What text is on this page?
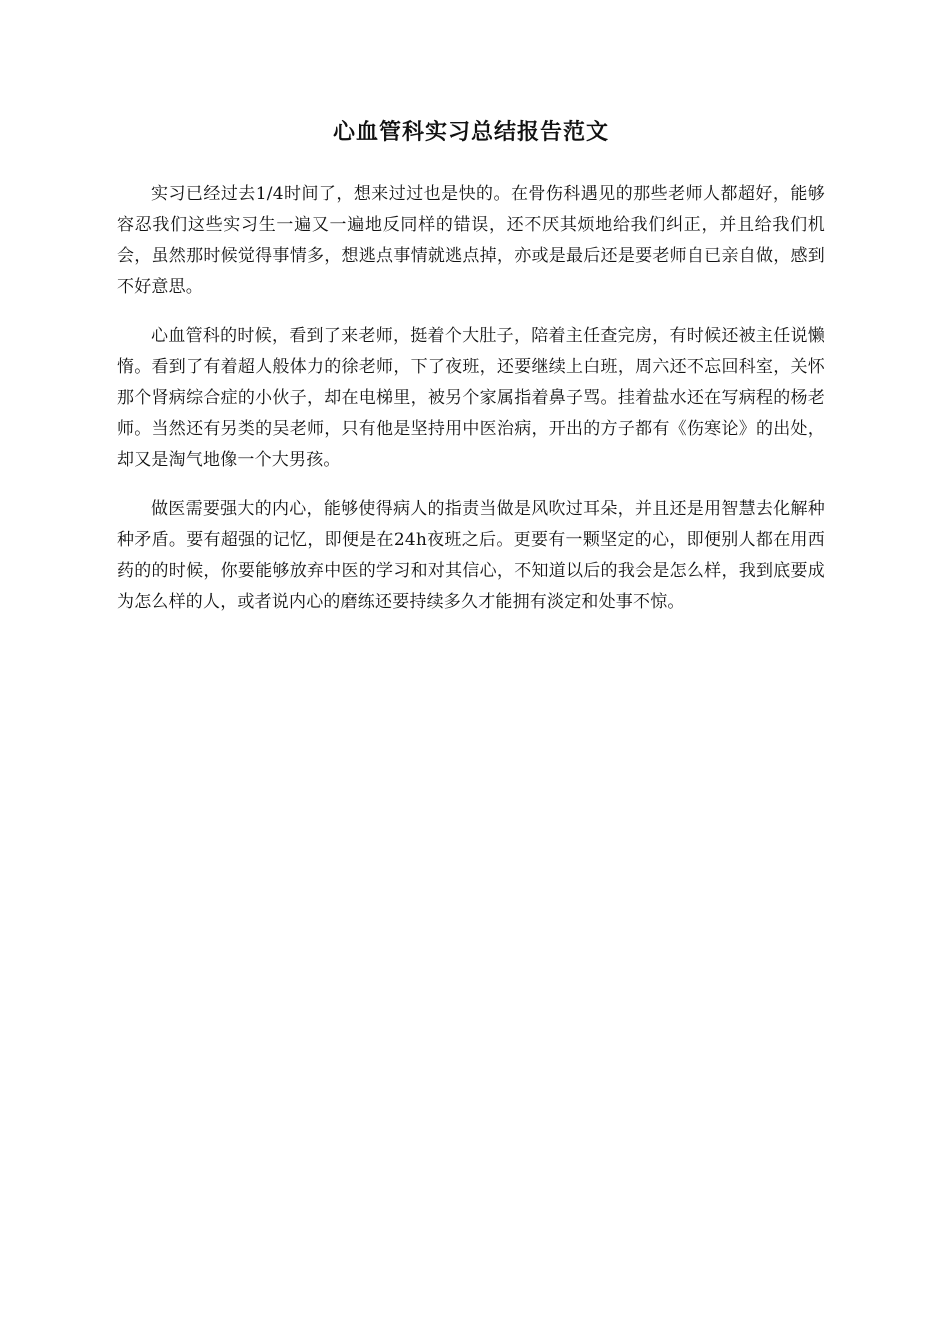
心血管科实习总结报告范文

实习已经过去1/4时间了，想来过过也是快的。在骨伤科遇见的那些老师人都超好，能够容忍我们这些实习生一遍又一遍地反同样的错误，还不厌其烦地给我们纠正，并且给我们机会，虽然那时候觉得事情多，想逃点事情就逃点掉，亦或是最后还是要老师自已亲自做，感到不好意思。

心血管科的时候，看到了来老师，挺着个大肚子，陪着主任查完房，有时候还被主任说懒惰。看到了有着超人般体力的徐老师，下了夜班，还要继续上白班，周六还不忘回科室，关怀那个肾病综合症的小伙子，却在电梯里，被另个家属指着鼻子骂。挂着盐水还在写病程的杨老师。当然还有另类的吴老师，只有他是坚持用中医治病，开出的方子都有《伤寒论》的出处，却又是淘气地像一个大男孩。

做医需要强大的内心，能够使得病人的指责当做是风吹过耳朵，并且还是用智慧去化解种种矛盾。要有超强的记忆，即便是在24h夜班之后。更要有一颗坚定的心，即便别人都在用西药的的时候，你要能够放弃中医的学习和对其信心，不知道以后的我会是怎么样，我到底要成为怎么样的人，或者说内心的磨练还要持续多久才能拥有淡定和处事不惊。
